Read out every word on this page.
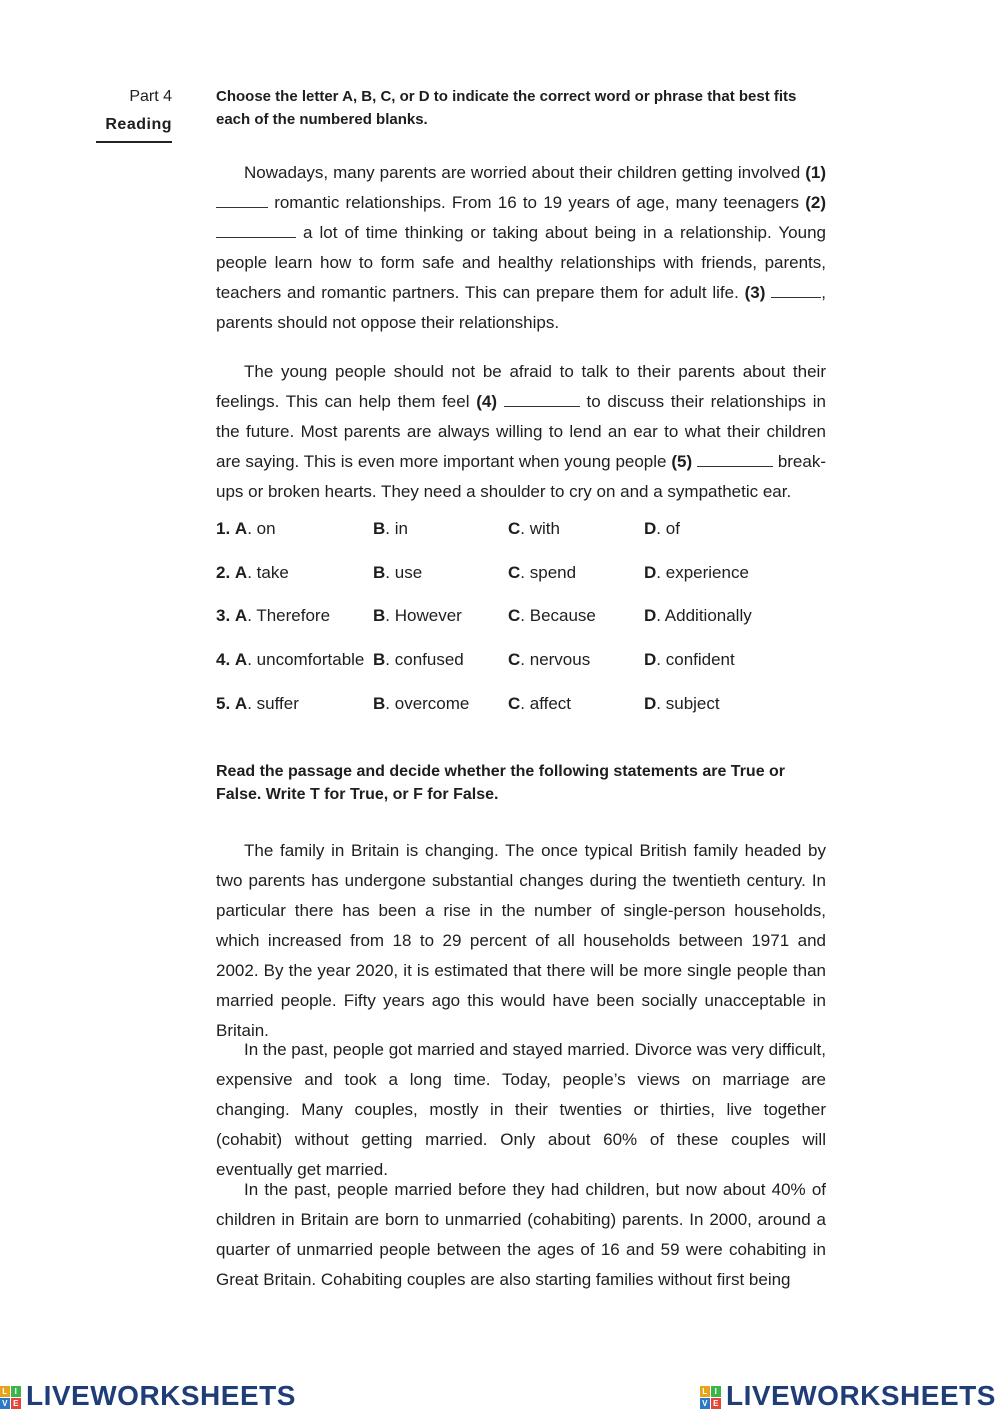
Part 4
Reading
Choose the letter A, B, C, or D to indicate the correct word or phrase that best fits each of the numbered blanks.

Nowadays, many parents are worried about their children getting involved (1)  romantic relationships. From 16 to 19 years of age, many teenagers (2)  a lot of time thinking or taking about being in a relationship. Young people learn how to form safe and healthy relationships with friends, parents, teachers and romantic partners. This can prepare them for adult life. (3)	, parents should not oppose their relationships.

The young people should not be afraid to talk to their parents about their feelings. This can help them feel (4)	to discuss their relationships in the future. Most parents are always willing to lend an ear to what their children are saying. This is even more important when young people (5)	break-ups or broken hearts. They need a shoulder to cry on and a sympathetic ear.

1. A. on	B. in	C. with	D. of
2. A. take	B. use	C. spend	D. experience
3. A. Therefore	B. However	C. Because	D. Additionally
4. A. uncomfortable B. confused	C. nervous	D. confident
5. A. suffer	B. overcome C. affect	D. subject
Read the passage and decide whether the following statements are True or False. Write T for True, or F for False.

The family in Britain is changing. The once typical British family headed by two parents has undergone substantial changes during the twentieth century. In particular there has been a rise in the number of single-person households, which increased from 18 to 29 percent of all households between 1971 and 2002. By the year 2020, it is estimated that there will be more single people than married people. Fifty years ago this would have been socially unacceptable in Britain.

In the past, people got married and stayed married. Divorce was very difficult, expensive and took a long time. Today, people’s views on marriage are changing. Many couples, mostly in their twenties or thirties, live together (cohabit) without getting married. Only about 60% of these couples will eventually get married.

In the past, people married before they had children, but now about 40% of children in Britain are born to unmarried (cohabiting) parents. In 2000, around a quarter of unmarried people between the ages of 16 and 59 were cohabiting in Great Britain. Cohabiting couples are also starting families without first being

L I
V E LIVEWORKSHEETS	L I
V E LIVEWORKSHEETS
